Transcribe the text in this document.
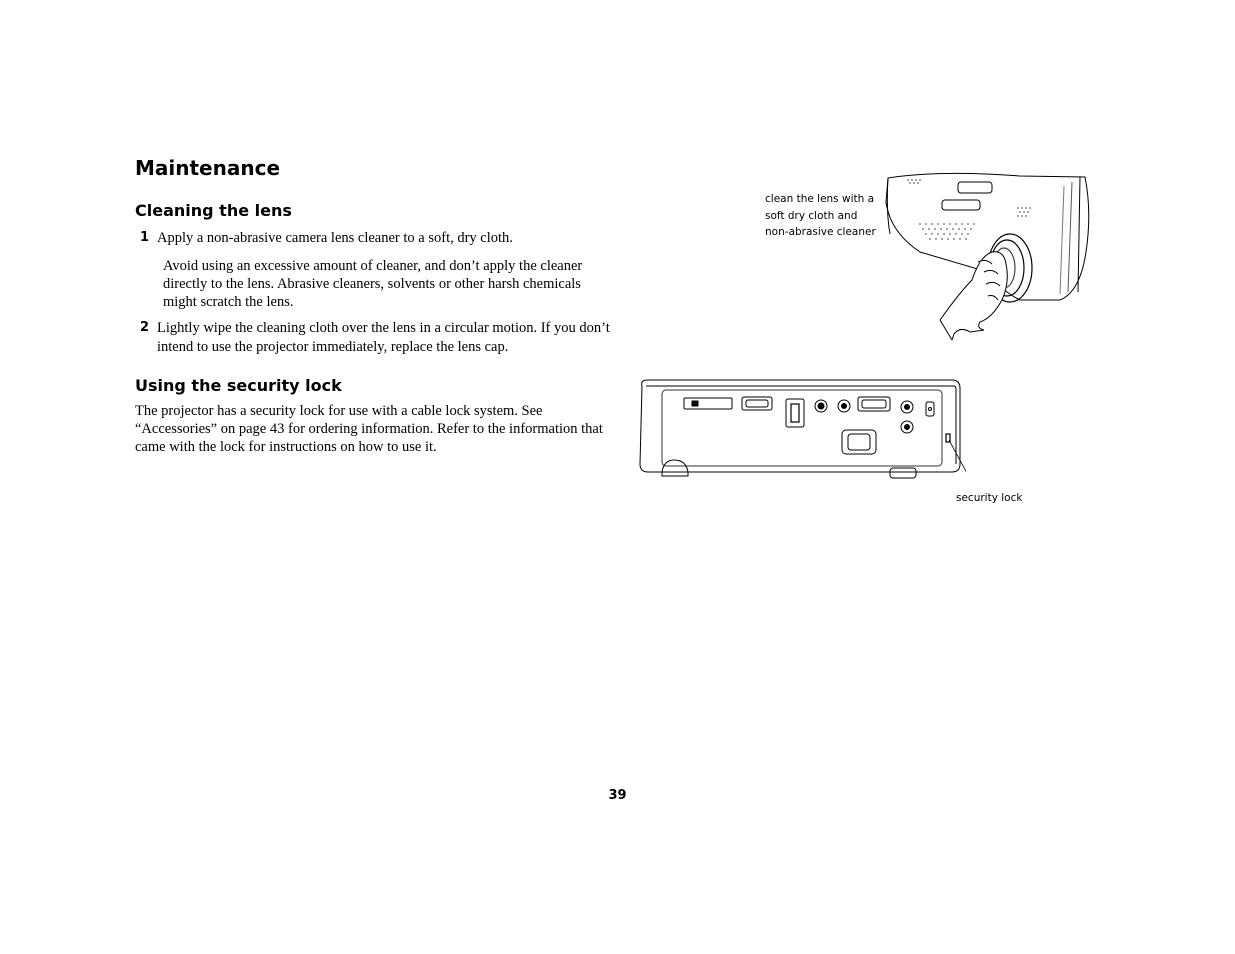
Maintenance
Cleaning the lens
1 Apply a non-abrasive camera lens cleaner to a soft, dry cloth.

Avoid using an excessive amount of cleaner, and don’t apply the cleaner directly to the lens. Abrasive cleaners, solvents or other harsh chemicals might scratch the lens.

2 Lightly wipe the cleaning cloth over the lens in a circular motion. If you don’t intend to use the projector immediately, replace the lens cap.

Using the security lock

The projector has a security lock for use with a cable lock system. See “Accessories” on page 43 for ordering information. Refer to the information that came with the lock for instructions on how to use it.

clean the lens with a soft dry cloth and non-abrasive cleaner

security lock

39
